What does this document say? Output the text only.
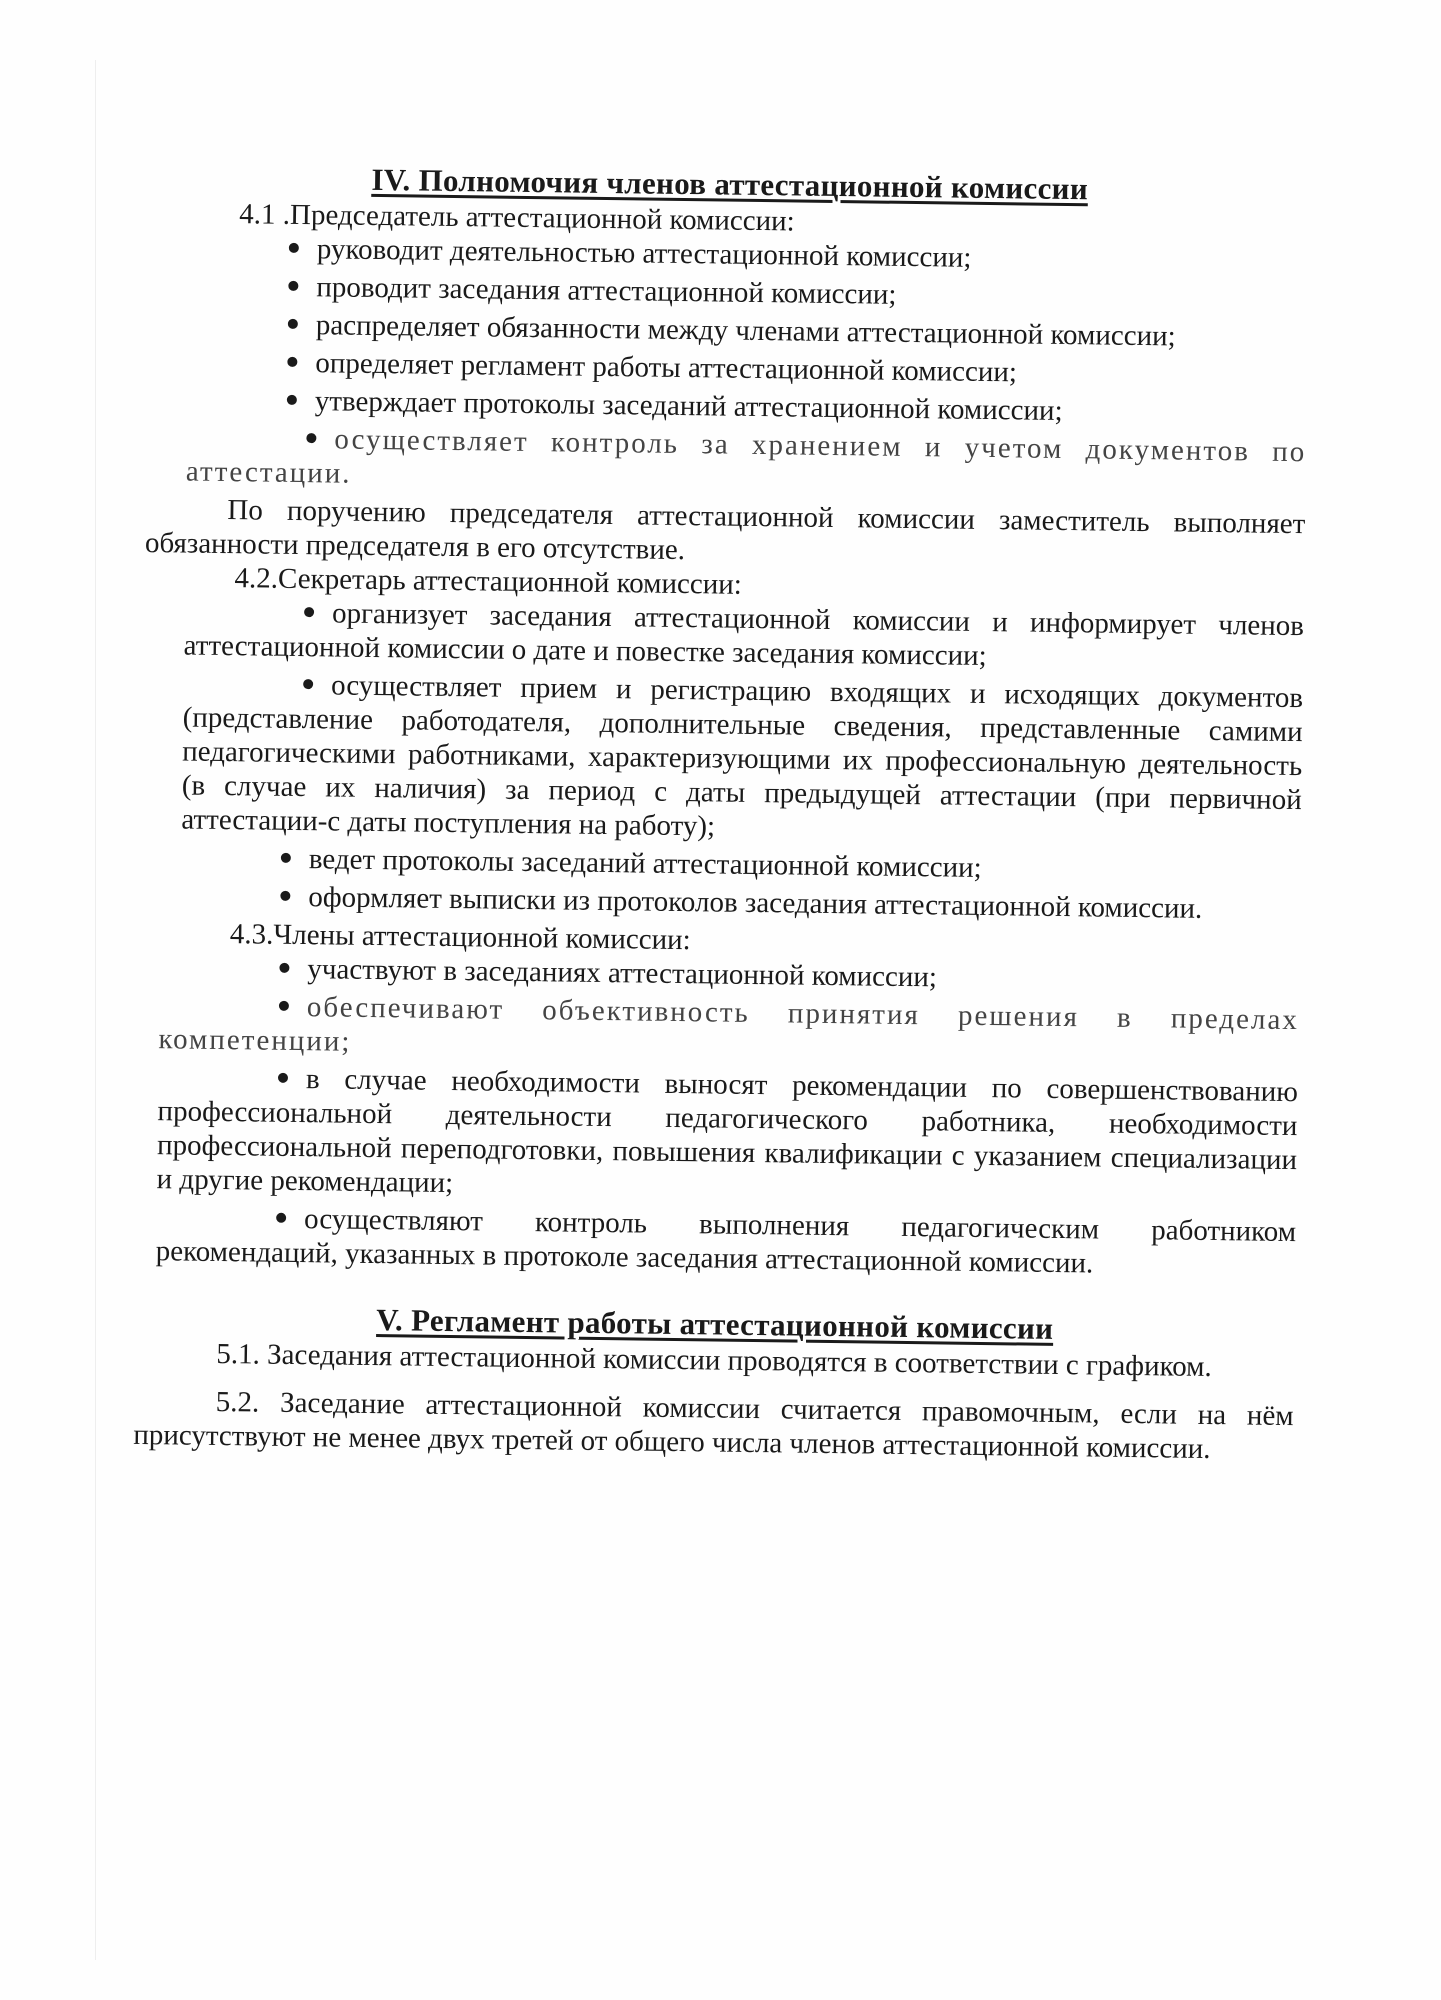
IV. Полномочия членов аттестационной комиссии

4.1 .Председатель аттестационной комиссии:

руководит деятельностью аттестационной комиссии;
проводит заседания аттестационной комиссии;
распределяет обязанности между членами аттестационной комиссии;
определяет регламент работы аттестационной комиссии;
утверждает протоколы заседаний аттестационной комиссии;
осуществляет контроль за хранением и учетом документов по аттестации.

По поручению председателя аттестационной комиссии заместитель выполняет обязанности председателя в его отсутствие.

4.2.Секретарь аттестационной комиссии:

организует заседания аттестационной комиссии и информирует членов аттестационной комиссии о дате и повестке заседания комиссии;
осуществляет прием и регистрацию входящих и исходящих документов (представление работодателя, дополнительные сведения, представленные самими педагогическими работниками, характеризующими их профессиональную деятельность (в случае их наличия) за период с даты предыдущей аттестации (при первичной аттестации-с даты поступления на работу);
ведет протоколы заседаний аттестационной комиссии;
оформляет выписки из протоколов заседания аттестационной комиссии.

4.3.Члены аттестационной комиссии:

участвуют в заседаниях аттестационной комиссии;
обеспечивают объективность принятия решения в пределах компетенции;
в случае необходимости выносят рекомендации по совершенствованию профессиональной деятельности педагогического работника, необходимости профессиональной переподготовки, повышения квалификации с указанием специализации и другие рекомендации;
осуществляют контроль выполнения педагогическим работником рекомендаций, указанных в протоколе заседания аттестационной комиссии.
V. Регламент работы аттестационной комиссии

5.1. Заседания аттестационной комиссии проводятся в соответствии с графиком.

5.2. Заседание аттестационной комиссии считается правомочным, если на нём присутствуют не менее двух третей от общего числа членов аттестационной комиссии.
